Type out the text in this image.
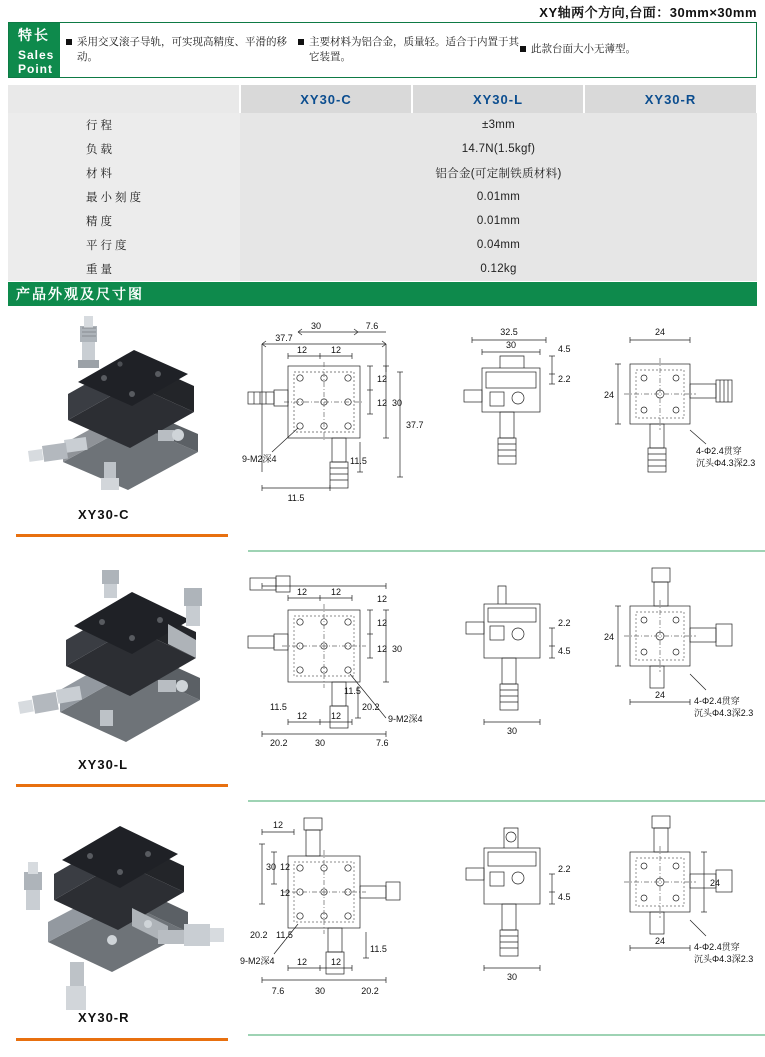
XY轴两个方向,台面：30mm×30mm
特长
Sales Point
采用交叉滚子导轨，可实现高精度、平滑的移动。
主要材料为铝合金，质量轻。适合于内置于其它装置。
此款台面大小无薄型。
	XY30-C	XY30-L	XY30-R
行程	±3mm		
负载	14.7N(1.5kgf)		
材料	铝合金(可定制铁质材料)		
最小刻度	0.01mm		
精度	0.01mm		
平行度	0.04mm		
重量	0.12kg		
产品外观及尺寸图
XY30-C
30
37.7
7.6
12	12
12
12 30
11.5
11.5
37.7
9-M2深4
32.5
30	4.5
2.2
24
24
4-Φ2.4贯穿
沉头Φ4.3深2.3
XY30-L
12	12
12
12
12 30
20.2
11.5
11.5
12	12
20.2	30	7.6
9-M2深4
2.2
4.5
30
24
24
4-Φ2.4贯穿
沉头Φ4.3深2.3
XY30-R
12
30 12
12
20.2 11.5
11.5
7.6	30	20.2
12	12
9-M2深4
2.2
4.5
30
24
24
4-Φ2.4贯穿
沉头Φ4.3深2.3
